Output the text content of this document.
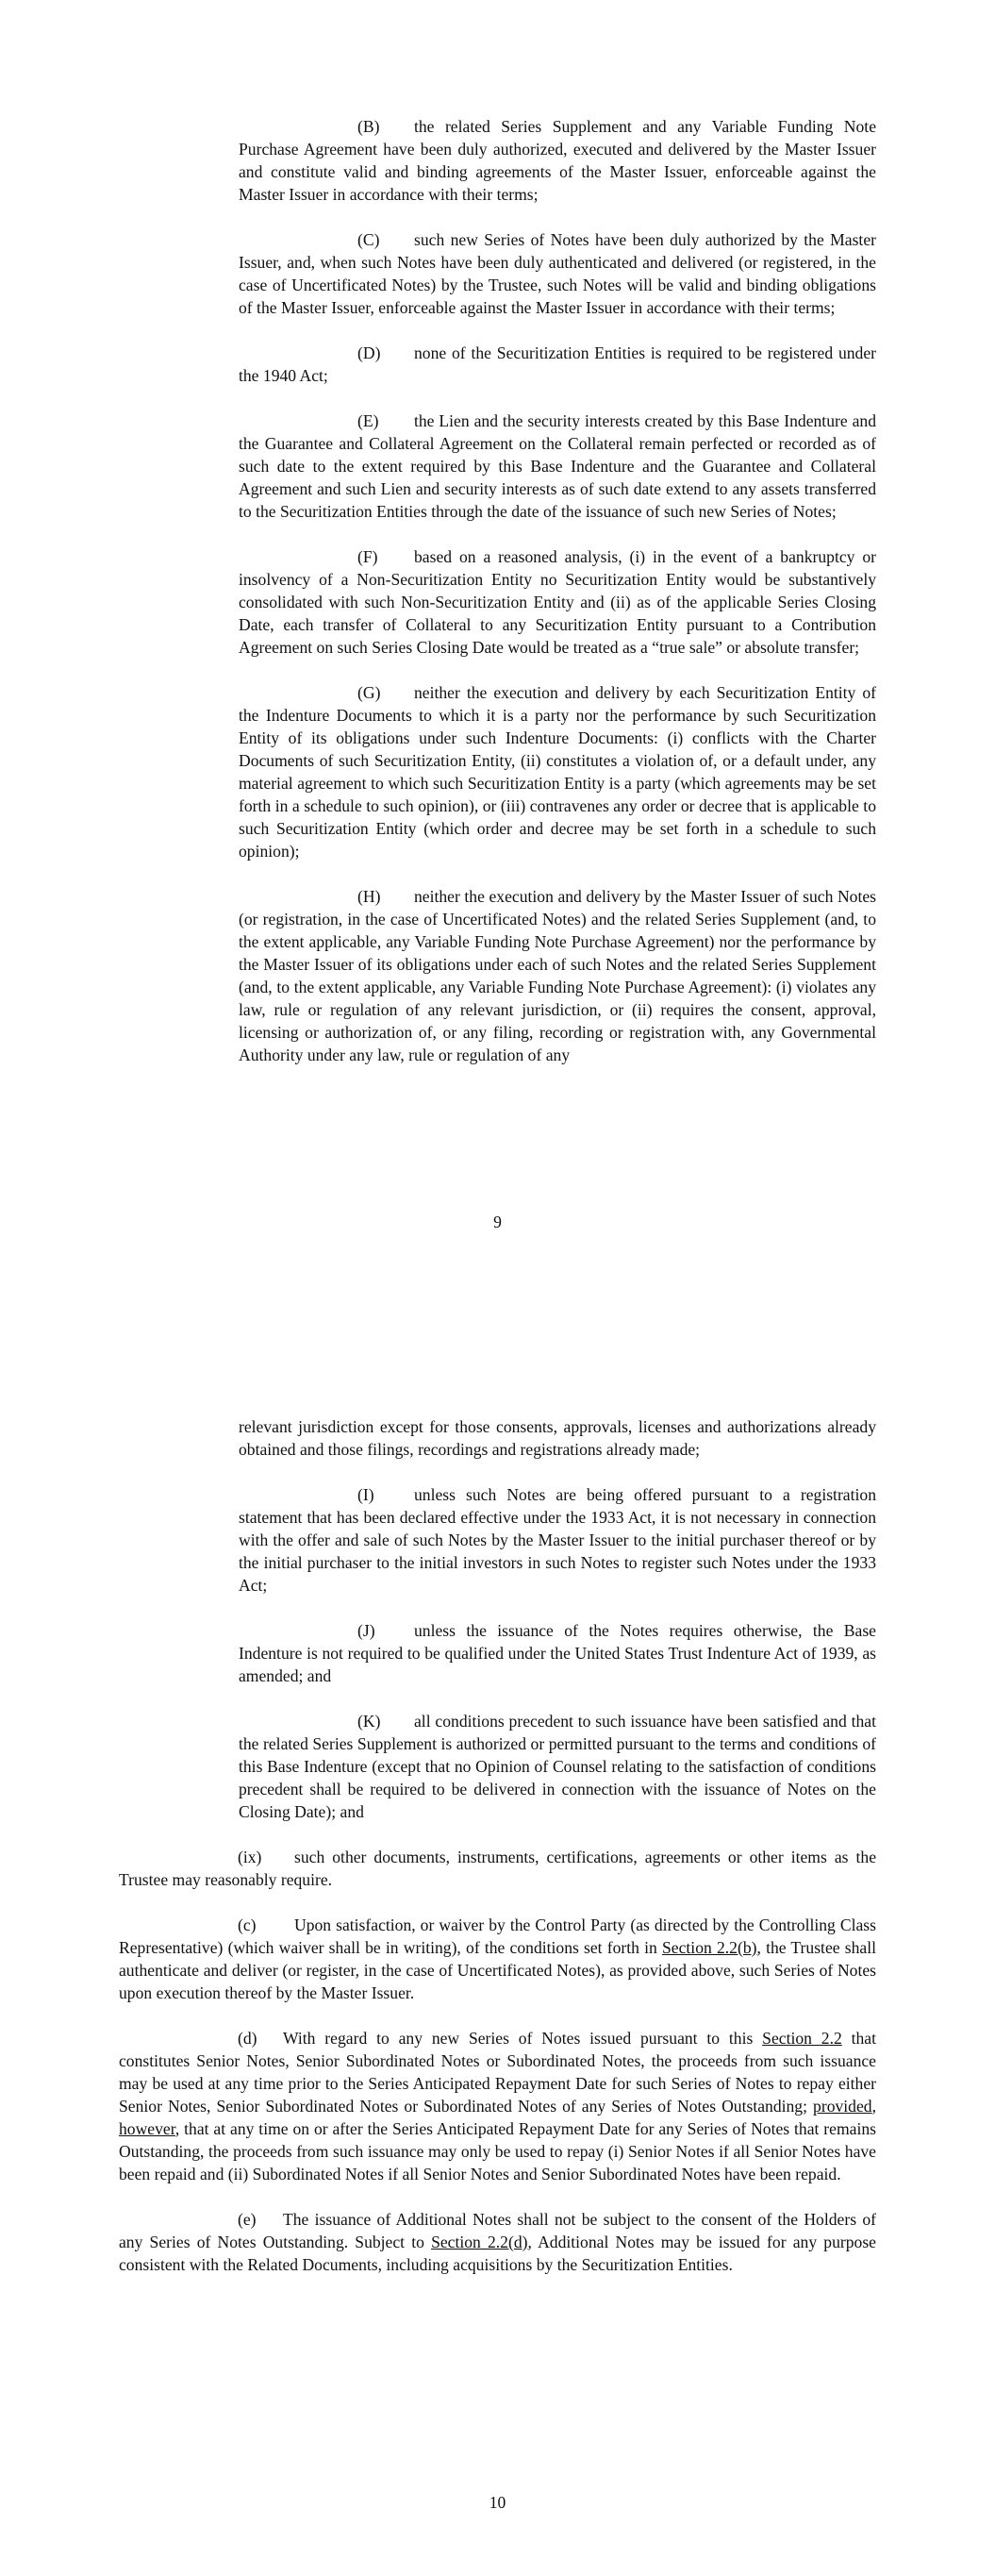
(B) the related Series Supplement and any Variable Funding Note Purchase Agreement have been duly authorized, executed and delivered by the Master Issuer and constitute valid and binding agreements of the Master Issuer, enforceable against the Master Issuer in accordance with their terms;

(C) such new Series of Notes have been duly authorized by the Master Issuer, and, when such Notes have been duly authenticated and delivered (or registered, in the case of Uncertificated Notes) by the Trustee, such Notes will be valid and binding obligations of the Master Issuer, enforceable against the Master Issuer in accordance with their terms;

(D) none of the Securitization Entities is required to be registered under the 1940 Act;

(E) the Lien and the security interests created by this Base Indenture and the Guarantee and Collateral Agreement on the Collateral remain perfected or recorded as of such date to the extent required by this Base Indenture and the Guarantee and Collateral Agreement and such Lien and security interests as of such date extend to any assets transferred to the Securitization Entities through the date of the issuance of such new Series of Notes;

(F) based on a reasoned analysis, (i) in the event of a bankruptcy or insolvency of a Non-Securitization Entity no Securitization Entity would be substantively consolidated with such Non-Securitization Entity and (ii) as of the applicable Series Closing Date, each transfer of Collateral to any Securitization Entity pursuant to a Contribution Agreement on such Series Closing Date would be treated as a “true sale” or absolute transfer;

(G) neither the execution and delivery by each Securitization Entity of the Indenture Documents to which it is a party nor the performance by such Securitization Entity of its obligations under such Indenture Documents: (i) conflicts with the Charter Documents of such Securitization Entity, (ii) constitutes a violation of, or a default under, any material agreement to which such Securitization Entity is a party (which agreements may be set forth in a schedule to such opinion), or (iii) contravenes any order or decree that is applicable to such Securitization Entity (which order and decree may be set forth in a schedule to such opinion);

(H) neither the execution and delivery by the Master Issuer of such Notes (or registration, in the case of Uncertificated Notes) and the related Series Supplement (and, to the extent applicable, any Variable Funding Note Purchase Agreement) nor the performance by the Master Issuer of its obligations under each of such Notes and the related Series Supplement (and, to the extent applicable, any Variable Funding Note Purchase Agreement): (i) violates any law, rule or regulation of any relevant jurisdiction, or (ii) requires the consent, approval, licensing or authorization of, or any filing, recording or registration with, any Governmental Authority under any law, rule or regulation of any

9

relevant jurisdiction except for those consents, approvals, licenses and authorizations already obtained and those filings, recordings and registrations already made;

(I) unless such Notes are being offered pursuant to a registration statement that has been declared effective under the 1933 Act, it is not necessary in connection with the offer and sale of such Notes by the Master Issuer to the initial purchaser thereof or by the initial purchaser to the initial investors in such Notes to register such Notes under the 1933 Act;

(J) unless the issuance of the Notes requires otherwise, the Base Indenture is not required to be qualified under the United States Trust Indenture Act of 1939, as amended; and

(K) all conditions precedent to such issuance have been satisfied and that the related Series Supplement is authorized or permitted pursuant to the terms and conditions of this Base Indenture (except that no Opinion of Counsel relating to the satisfaction of conditions precedent shall be required to be delivered in connection with the issuance of Notes on the Closing Date); and

(ix) such other documents, instruments, certifications, agreements or other items as the Trustee may reasonably require.

(c) Upon satisfaction, or waiver by the Control Party (as directed by the Controlling Class Representative) (which waiver shall be in writing), of the conditions set forth in Section 2.2(b), the Trustee shall authenticate and deliver (or register, in the case of Uncertificated Notes), as provided above, such Series of Notes upon execution thereof by the Master Issuer.

(d) With regard to any new Series of Notes issued pursuant to this Section 2.2 that constitutes Senior Notes, Senior Subordinated Notes or Subordinated Notes, the proceeds from such issuance may be used at any time prior to the Series Anticipated Repayment Date for such Series of Notes to repay either Senior Notes, Senior Subordinated Notes or Subordinated Notes of any Series of Notes Outstanding; provided, however, that at any time on or after the Series Anticipated Repayment Date for any Series of Notes that remains Outstanding, the proceeds from such issuance may only be used to repay (i) Senior Notes if all Senior Notes have been repaid and (ii) Subordinated Notes if all Senior Notes and Senior Subordinated Notes have been repaid.

(e) The issuance of Additional Notes shall not be subject to the consent of the Holders of any Series of Notes Outstanding. Subject to Section 2.2(d), Additional Notes may be issued for any purpose consistent with the Related Documents, including acquisitions by the Securitization Entities.

10
